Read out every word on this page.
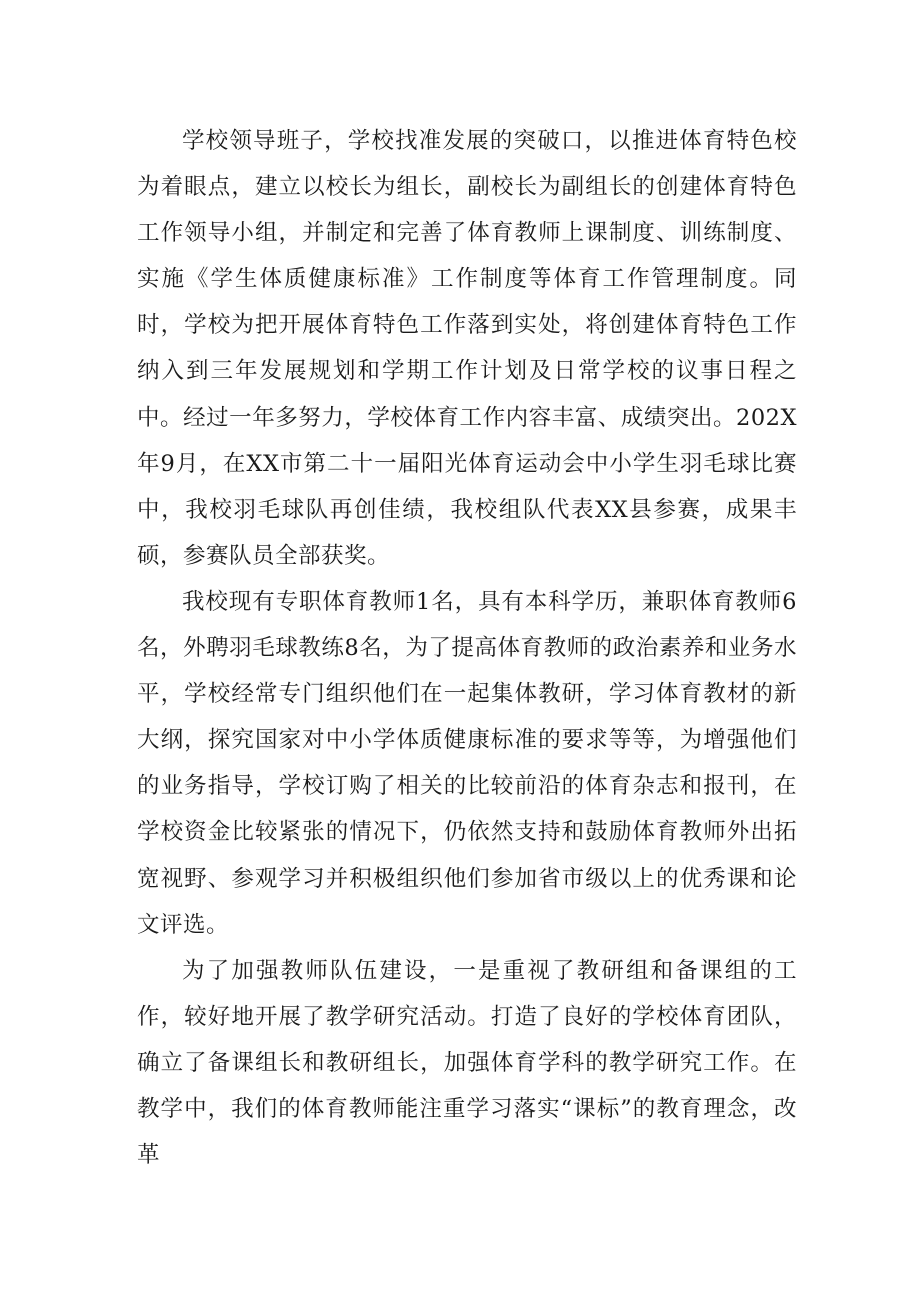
学校领导班子，学校找准发展的突破口，以推进体育特色校为着眼点，建立以校长为组长，副校长为副组长的创建体育特色工作领导小组，并制定和完善了体育教师上课制度、训练制度、实施《学生体质健康标准》工作制度等体育工作管理制度。同时，学校为把开展体育特色工作落到实处，将创建体育特色工作纳入到三年发展规划和学期工作计划及日常学校的议事日程之中。经过一年多努力，学校体育工作内容丰富、成绩突出。202X年9月，在XX市第二十一届阳光体育运动会中小学生羽毛球比赛中，我校羽毛球队再创佳绩，我校组队代表XX县参赛，成果丰硕，参赛队员全部获奖。

我校现有专职体育教师1名，具有本科学历，兼职体育教师6名，外聘羽毛球教练8名，为了提高体育教师的政治素养和业务水平，学校经常专门组织他们在一起集体教研，学习体育教材的新大纲，探究国家对中小学体质健康标准的要求等等，为增强他们的业务指导，学校订购了相关的比较前沿的体育杂志和报刊，在学校资金比较紧张的情况下，仍依然支持和鼓励体育教师外出拓宽视野、参观学习并积极组织他们参加省市级以上的优秀课和论文评选。

为了加强教师队伍建设，一是重视了教研组和备课组的工作，较好地开展了教学研究活动。打造了良好的学校体育团队，确立了备课组长和教研组长，加强体育学科的教学研究工作。在教学中，我们的体育教师能注重学习落实“课标”的教育理念，改革
